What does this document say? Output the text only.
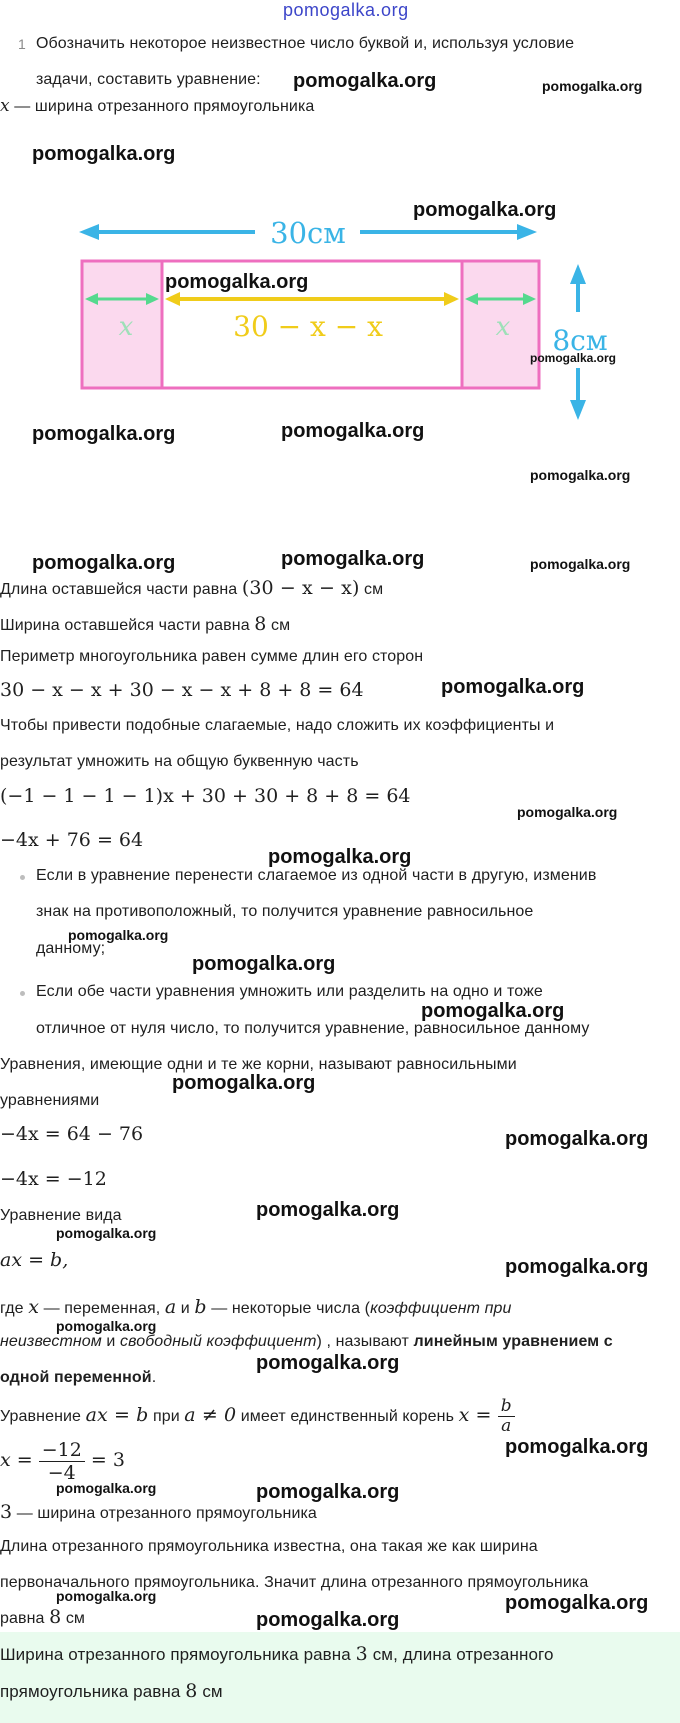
pomogalka.org
1 Обозначить некоторое неизвестное число буквой и, используя условие
задачи, составить уравнение:
x — ширина отрезанного прямоугольника
30см
x	30 − x − x	x 8см
Длина оставшейся части равна (30 − x − x) см
Ширина оставшейся части равна 8 см
Периметр многоугольника равен сумме длин его сторон
30 − x − x + 30 − x − x + 8 + 8 = 64
Чтобы привести подобные слагаемые, надо сложить их коэффициенты и
результат умножить на общую буквенную часть
(−1 − 1 − 1 − 1)x + 30 + 30 + 8 + 8 = 64
−4x + 76 = 64
Если в уравнение перенести слагаемое из одной части в другую, изменив
знак на противоположный, то получится уравнение равносильное
данному;
Если обе части уравнения умножить или разделить на одно и тоже
отличное от нуля число, то получится уравнение, равносильное данному
Уравнения, имеющие одни и те же корни, называют равносильными
уравнениями
−4x = 64 − 76
−4x = −12
Уравнение вида
ax = b,
где x — переменная, a и b — некоторые числа (коэффициент при
неизвестном и свободный коэффициент) , называют линейным уравнением с
одной переменной.
Уравнение ax = b при a ≠ 0 имеет единственный корень $x = \frac{b}{a}$
$x = \frac{-12}{-4} = 3$
3 — ширина отрезанного прямоугольника
Длина отрезанного прямоугольника известна, она такая же как ширина
первоначального прямоугольника. Значит длина отрезанного прямоугольника
равна 8 см
Ширина отрезанного прямоугольника равна 3 см, длина отрезанного
прямоугольника равна 8 см
pomogalka.org	pomogalka.org
pomogalka.org
pomogalka.org
pomogalka.org
pomogalka.org
pomogalka.org	pomogalka.org
pomogalka.org
pomogalka.org	pomogalka.org	pomogalka.org
pomogalka.org
pomogalka.org
pomogalka.org
pomogalka.org
pomogalka.org
pomogalka.org
pomogalka.org
pomogalka.org
pomogalka.org
pomogalka.org
pomogalka.org
pomogalka.org
pomogalka.org
pomogalka.org
pomogalka.org	pomogalka.org
pomogalka.org	pomogalka.org
pomogalka.org
